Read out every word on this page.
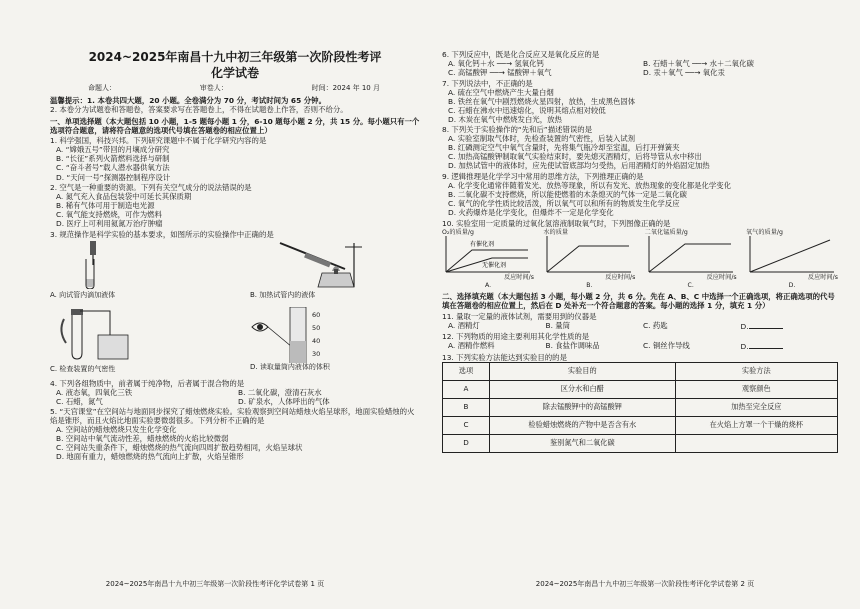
2024~2025年南昌十九中初三年级第一次阶段性考评
化学试卷
命题人：	审卷人：	时间：2024 年 10 月

温馨提示：1. 本卷共四大题，20 小题。全卷满分为 70 分，考试时间为 65 分钟。

2. 本卷分为试题卷和答题卷，答案要求写在答题卷上，不得在试题卷上作答，否则不给分。

一、单项选择题（本大题包括 10 小题，1-5 题每小题 1 分，6-10 题每小题 2 分，共 15 分。每小题只有一个选项符合题意，请将符合题意的选项代号填在答题卷的相应位置上）

1. 科学强国，科技兴邦。下列研究课题中不属于化学研究内容的是

A. “嫦娥五号”带回的月壤成分研究

B. “长征”系列火箭燃料选择与研制

C. “奋斗者号”载人潜水器供氧方法

D. “天问一号”探测器控制程序设计

2. 空气是一种重要的资源。下列有关空气成分的说法错误的是

A. 氮气充入食品包装袋中可延长其保质期

B. 稀有气体可用于制造电光源

C. 氧气能支持燃烧，可作为燃料

D. 医疗上可利用氦氮万治疗肿瘤

3. 规范操作是科学实验的基本要求，如图所示的实验操作中正确的是

A. 向试管内滴加液体	B. 加热试管内的液体

C. 检查装置的气密性

60
50
40
30

D. 读取量筒内液体的体积

4. 下列各组物质中，前者属于纯净物，后者属于混合物的是

A. 液态氧，四氧化三铁	B. 二氧化碳，澄清石灰水
C. 石蜡，氮气	D. 矿泉水，人体呼出的气体

5. “天宫课堂”在空间站与地面同步探究了蜡烛燃烧实验。实验观察到空间站蜡烛火焰呈球形，地面实验蜡烛的火焰是锥形，而且火焰比地面实验要微弱很多。下列分析不正确的是

A. 空间站的蜡烛燃烧只发生化学变化

B. 空间站中氧气流动性差，蜡烛燃烧的火焰比较微弱

C. 空间站失重条件下，蜡烛燃烧的热气流向四周扩散趋势相同，火焰呈球状

D. 地面有重力，蜡烛燃烧的热气流向上扩散，火焰呈锥形

2024~2025年南昌十九中初三年级第一次阶段性考评化学试卷第 1 页

6. 下列反应中，既是化合反应又是氧化反应的是

A. 氧化钙＋水 ──→ 氢氧化钙	B. 石蜡＋氧气 ──→ 水＋二氧化碳
C. 高锰酸钾 ──→ 锰酸钾＋氧气	D. 汞＋氧气 ──→ 氧化汞

7. 下列说法中，不正确的是

A. 硫在空气中燃烧产生大量白烟

B. 铁丝在氧气中剧烈燃烧火星四射，放热，生成黑色固体

C. 石蜡在沸水中迅速熔化，说明其熔点相对较低

D. 木炭在氧气中燃烧发白光，放热

8. 下列关于实验操作的“先和后”描述错误的是

A. 实验室制取气体时，先检查装置的气密性，后装入试剂

B. 红磷测定空气中氧气含量时，先将集气瓶冷却至室温，后打开弹簧夹

C. 加热高锰酸钾制取氧气实验结束时，要先熄灭酒精灯，后将导管从水中移出

D. 加热试管中的液体时，应先使试管底部均匀受热，后用酒精灯的外焰固定加热

9. 逻辑推理是化学学习中常用的思维方法，下列推理正确的是

A. 化学变化通常伴随着发光、放热等现象，所以有发光、放热现象的变化都是化学变化

B. 二氧化碳不支持燃烧，所以能使燃着的木条熄灭的气体一定是二氧化碳

C. 氧气的化学性质比较活泼，所以氧气可以和所有的物质发生化学反应

D. 火药爆炸是化学变化，但爆炸不一定是化学变化

10. 实验室用一定质量的过氧化氢溶液制取氧气时，下列图像正确的是

O₂的质量/g
有催化剂
无催化剂
反应时间/s
A.
水的质量
反应时间/s
B.
二氧化锰质量/g
反应时间/s
C.
氧气的质量/g
反应时间/s
D.

二、选择填充题（本大题包括 3 小题，每小题 2 分，共 6 分。先在 A、B、C 中选择一个正确选项，将正确选项的代号填在答题卷的相应位置上，然后在 D 处补充一个符合题意的答案。每小题的选择 1 分，填充 1 分）

11. 量取一定量的液体试剂，需要用到的仪器是

A. 酒精灯	B. 量筒	C. 药匙	D.

12. 下列物质的用途主要利用其化学性质的是

A. 酒精作燃料	B. 食盐作调味品	C. 铜丝作导线	D.

13. 下列实验方法能达到实验目的的是

选项	实验目的	实验方法
A	区分水和白醋	观察颜色
B	除去锰酸钾中的高锰酸钾	加热至完全反应
C	检验蜡烛燃烧的产物中是否含有水	在火焰上方罩一个干燥的烧杯
D	鉴别氮气和二氧化碳	
2024~2025年南昌十九中初三年级第一次阶段性考评化学试卷第 2 页
